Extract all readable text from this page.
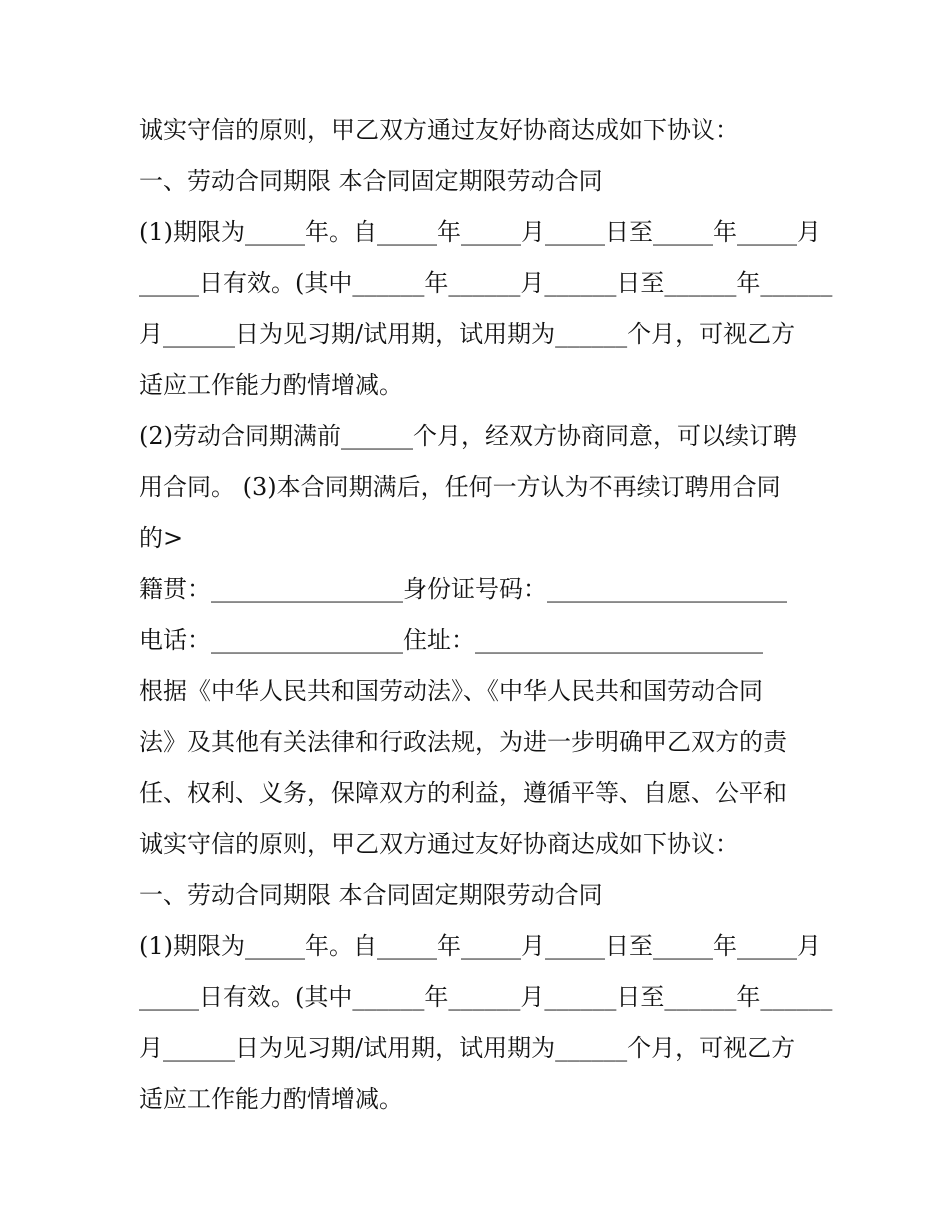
诚实守信的原则，甲乙双方通过友好协商达成如下协议：
一、劳动合同期限 本合同固定期限劳动合同
(1)期限为_____年。自_____年_____月_____日至_____年_____月
_____日有效。(其中______年______月______日至______年______
月______日为见习期/试用期，试用期为______个月，可视乙方
适应工作能力酌情增减。
(2)劳动合同期满前______个月，经双方协商同意，可以续订聘
用合同。 (3)本合同期满后，任何一方认为不再续订聘用合同
的>
籍贯：________________身份证号码：____________________
电话：________________住址：________________________
根据《中华人民共和国劳动法》、《中华人民共和国劳动合同
法》及其他有关法律和行政法规，为进一步明确甲乙双方的责
任、权利、义务，保障双方的利益，遵循平等、自愿、公平和
诚实守信的原则，甲乙双方通过友好协商达成如下协议：
一、劳动合同期限 本合同固定期限劳动合同
(1)期限为_____年。自_____年_____月_____日至_____年_____月
_____日有效。(其中______年______月______日至______年______
月______日为见习期/试用期，试用期为______个月，可视乙方
适应工作能力酌情增减。
